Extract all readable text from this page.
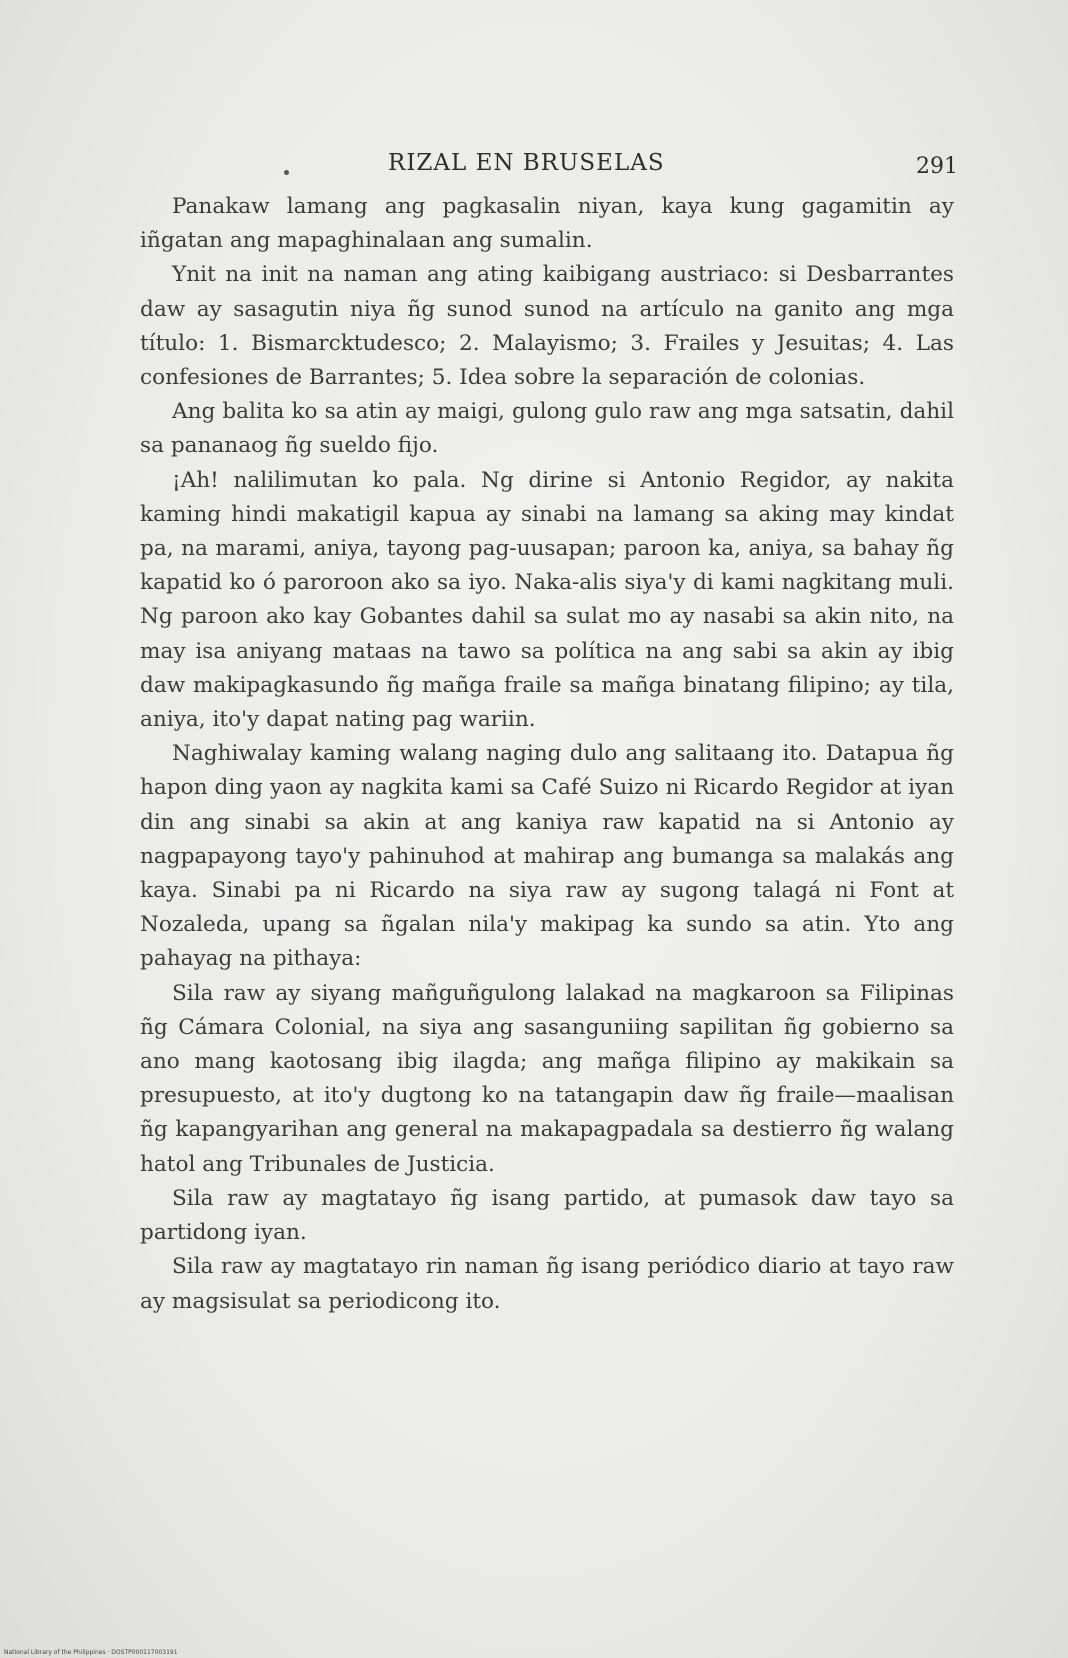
RIZAL EN BRUSELAS	291

Panakaw lamang ang pagkasalin niyan, kaya kung gagamitin ay iñgatan ang mapaghinalaan ang sumalin.

Ynit na init na naman ang ating kaibigang austriaco: si Desbarrantes daw ay sasagutin niya ñg sunod sunod na artículo na ganito ang mga título: 1. Bismarcktudesco; 2. Malayismo; 3. Frailes y Jesuitas; 4. Las confesiones de Barrantes; 5. Idea sobre la separación de colonias.

Ang balita ko sa atin ay maigi, gulong gulo raw ang mga satsatin, dahil sa pananaog ñg sueldo fijo.

¡Ah! nalilimutan ko pala. Ng dirine si Antonio Regidor, ay nakita kaming hindi makatigil kapua ay sinabi na lamang sa aking may kindat pa, na marami, aniya, tayong pag-uusapan; paroon ka, aniya, sa bahay ñg kapatid ko ó paroroon ako sa iyo. Naka-alis siya'y di kami nagkitang muli. Ng paroon ako kay Gobantes dahil sa sulat mo ay nasabi sa akin nito, na may isa aniyang mataas na tawo sa política na ang sabi sa akin ay ibig daw makipagkasundo ñg mañga fraile sa mañga binatang filipino; ay tila, aniya, ito'y dapat nating pag wariin.

Naghiwalay kaming walang naging dulo ang salitaang ito. Datapua ñg hapon ding yaon ay nagkita kami sa Café Suizo ni Ricardo Regidor at iyan din ang sinabi sa akin at ang kaniya raw kapatid na si Antonio ay nagpapayong tayo'y pahinuhod at mahirap ang bumanga sa malakás ang kaya. Sinabi pa ni Ricardo na siya raw ay sugong talagá ni Font at Nozaleda, upang sa ñgalan nila'y makipag ka sundo sa atin. Yto ang pahayag na pithaya:

Sila raw ay siyang mañguñgulong lalakad na magkaroon sa Filipinas ñg Cámara Colonial, na siya ang sasanguniing sapilitan ñg gobierno sa ano mang kaotosang ibig ilagda; ang mañga filipino ay makikain sa presupuesto, at ito'y dugtong ko na tatangapin daw ñg fraile—maalisan ñg kapangyarihan ang general na makapagpadala sa destierro ñg walang hatol ang Tribunales de Justicia.

Sila raw ay magtatayo ñg isang partido, at pumasok daw tayo sa partidong iyan.

Sila raw ay magtatayo rin naman ñg isang periódico diario at tayo raw ay magsisulat sa periodicong ito.

National Library of the Philippines · DOSTP000117003191
